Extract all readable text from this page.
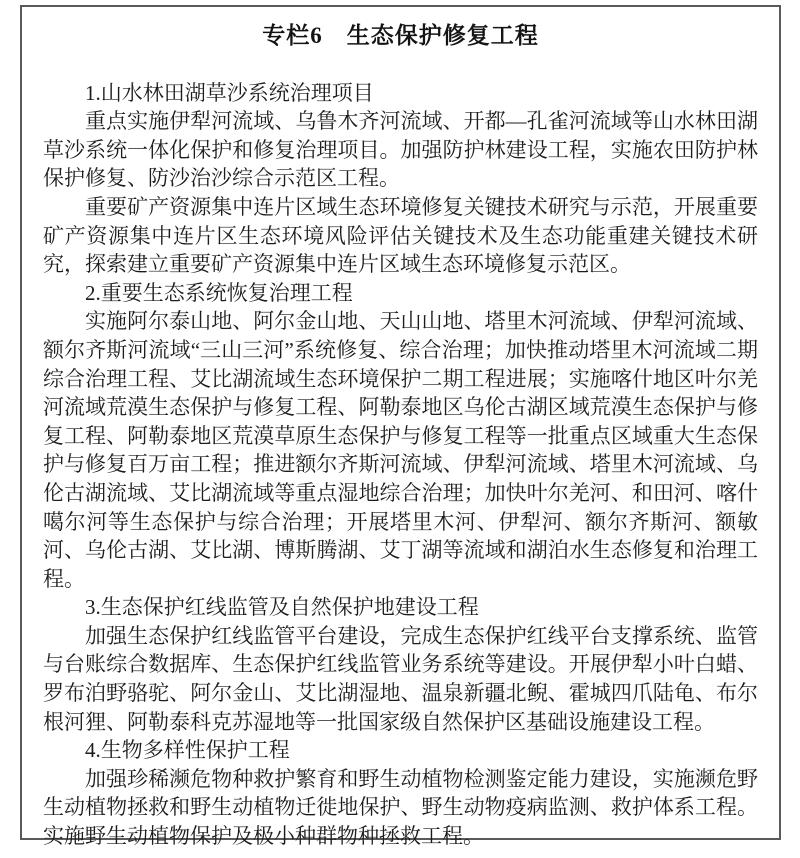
专栏6　生态保护修复工程

1.山水林田湖草沙系统治理项目

重点实施伊犁河流域、乌鲁木齐河流域、开都—孔雀河流域等山水林田湖草沙系统一体化保护和修复治理项目。加强防护林建设工程，实施农田防护林保护修复、防沙治沙综合示范区工程。

重要矿产资源集中连片区域生态环境修复关键技术研究与示范，开展重要矿产资源集中连片区生态环境风险评估关键技术及生态功能重建关键技术研究，探索建立重要矿产资源集中连片区域生态环境修复示范区。

2.重要生态系统恢复治理工程

实施阿尔泰山地、阿尔金山地、天山山地、塔里木河流域、伊犁河流域、额尔齐斯河流域“三山三河”系统修复、综合治理；加快推动塔里木河流域二期综合治理工程、艾比湖流域生态环境保护二期工程进展；实施喀什地区叶尔羌河流域荒漠生态保护与修复工程、阿勒泰地区乌伦古湖区域荒漠生态保护与修复工程、阿勒泰地区荒漠草原生态保护与修复工程等一批重点区域重大生态保护与修复百万亩工程；推进额尔齐斯河流域、伊犁河流域、塔里木河流域、乌伦古湖流域、艾比湖流域等重点湿地综合治理；加快叶尔羌河、和田河、喀什噶尔河等生态保护与综合治理；开展塔里木河、伊犁河、额尔齐斯河、额敏河、乌伦古湖、艾比湖、博斯腾湖、艾丁湖等流域和湖泊水生态修复和治理工程。

3.生态保护红线监管及自然保护地建设工程

加强生态保护红线监管平台建设，完成生态保护红线平台支撑系统、监管与台账综合数据库、生态保护红线监管业务系统等建设。开展伊犁小叶白蜡、罗布泊野骆驼、阿尔金山、艾比湖湿地、温泉新疆北鲵、霍城四爪陆龟、布尔根河狸、阿勒泰科克苏湿地等一批国家级自然保护区基础设施建设工程。

4.生物多样性保护工程

加强珍稀濒危物种救护繁育和野生动植物检测鉴定能力建设，实施濒危野生动植物拯救和野生动植物迁徙地保护、野生动物疫病监测、救护体系工程。实施野生动植物保护及极小种群物种拯救工程。
